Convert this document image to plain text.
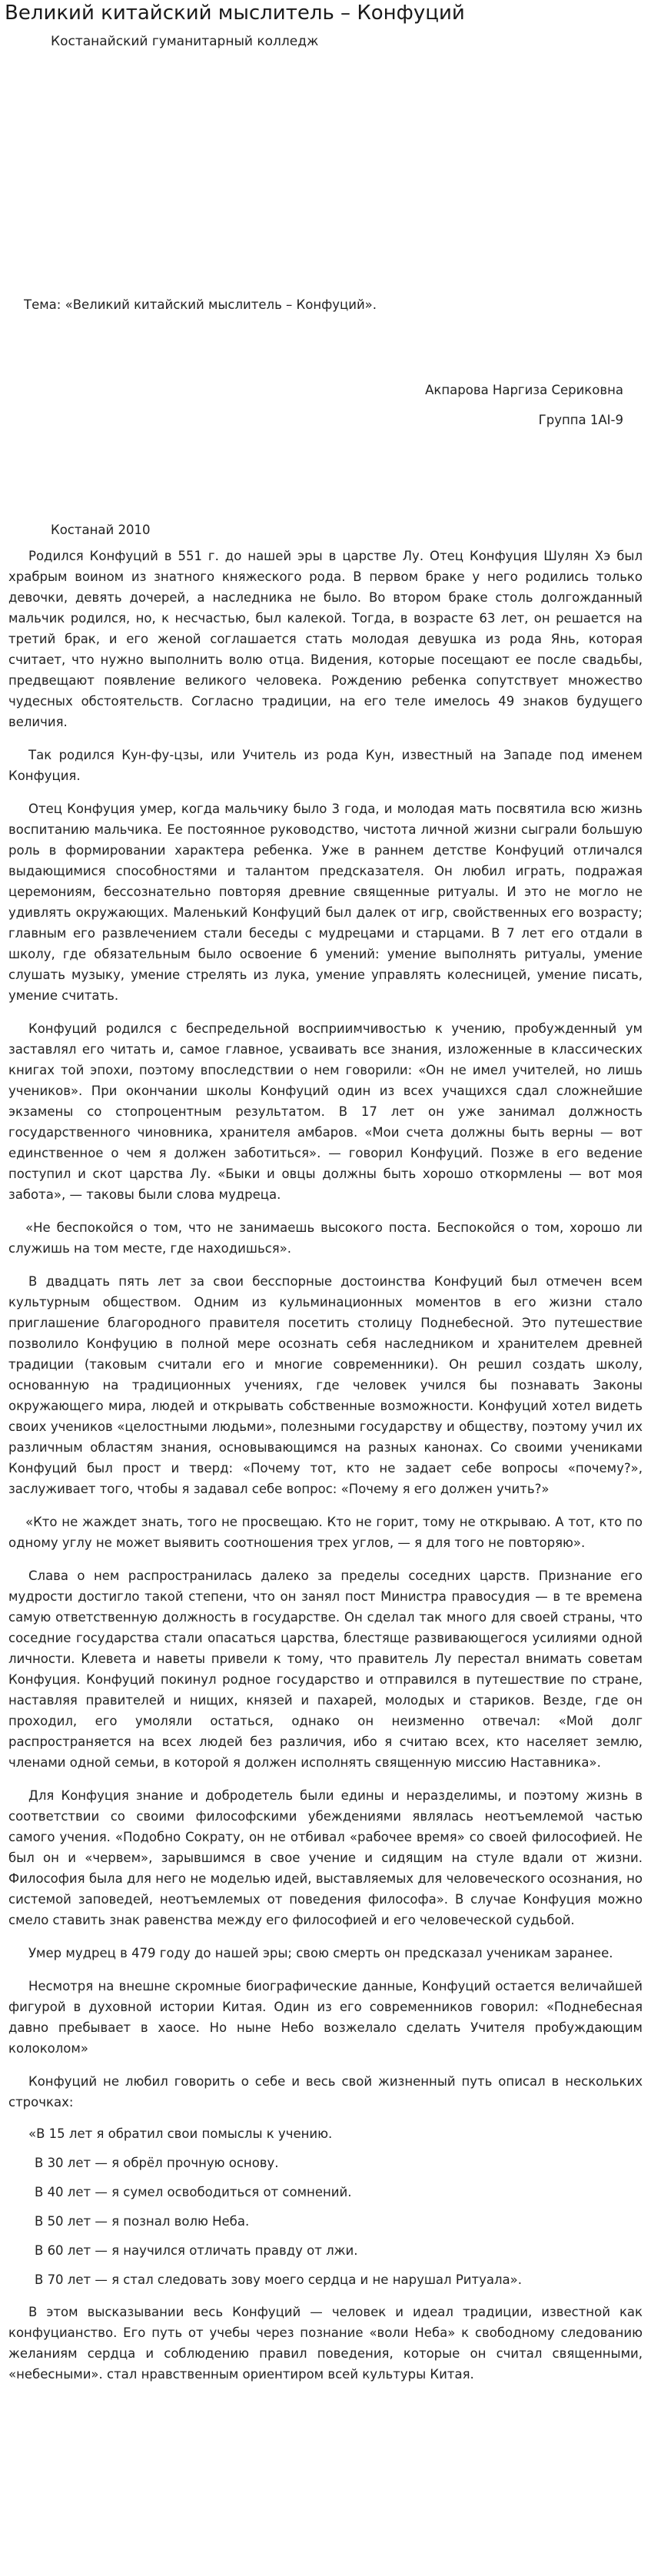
Великий китайский мыслитель – Конфуций
Костанайский гуманитарный колледж
Тема: «Великий китайский мыслитель – Конфуций».
Акпарова Наргиза Сериковна
Группа 1AI-9
Костанай 2010

Родился Конфуций в 551 г. до нашей эры в царстве Лу. Отец Конфуция Шулян Хэ был храбрым воином из знатного княжеского рода. В первом браке у него родились только девочки, девять дочерей, а наследника не было. Во втором браке столь долгожданный мальчик родился, но, к несчастью, был калекой. Тогда, в возрасте 63 лет, он решается на третий брак, и его женой соглашается стать молодая девушка из рода Янь, которая считает, что нужно выполнить волю отца. Видения, которые посещают ее после свадьбы, предвещают появление великого человека. Рождению ребенка сопутствует множество чудесных обстоятельств. Согласно традиции, на его теле имелось 49 знаков будущего величия.

Так родился Кун-фу-цзы, или Учитель из рода Кун, известный на Западе под именем Конфуция.

Отец Конфуция умер, когда мальчику было 3 года, и молодая мать посвятила всю жизнь воспитанию мальчика. Ее постоянное руководство, чистота личной жизни сыграли большую роль в формировании характера ребенка. Уже в раннем детстве Конфуций отличался выдающимися способностями и талантом предсказателя. Он любил играть, подражая церемониям, бессознательно повторяя древние священные ритуалы. И это не могло не удивлять окружающих. Маленький Конфуций был далек от игр, свойственных его возрасту; главным его развлечением стали беседы с мудрецами и старцами. В 7 лет его отдали в школу, где обязательным было освоение 6 умений: умение выполнять ритуалы, умение слушать музыку, умение стрелять из лука, умение управлять колесницей, умение писать, умение считать.

Конфуций родился с беспредельной восприимчивостью к учению, пробужденный ум заставлял его читать и, самое главное, усваивать все знания, изложенные в классических книгах той эпохи, поэтому впоследствии о нем говорили: «Он не имел учителей, но лишь учеников». При окончании школы Конфуций один из всех учащихся сдал сложнейшие экзамены со стопроцентным результатом. В 17 лет он уже занимал должность государственного чиновника, хранителя амбаров. «Мои счета должны быть верны — вот единственное о чем я должен заботиться». — говорил Конфуций. Позже в его ведение поступил и скот царства Лу. «Быки и овцы должны быть хорошо откормлены — вот моя забота», — таковы были слова мудреца.

«Не беспокойся о том, что не занимаешь высокого поста. Беспокойся о том, хорошо ли служишь на том месте, где находишься».

В двадцать пять лет за свои бесспорные достоинства Конфуций был отмечен всем культурным обществом. Одним из кульминационных моментов в его жизни стало приглашение благородного правителя посетить столицу Поднебесной. Это путешествие позволило Конфуцию в полной мере осознать себя наследником и хранителем древней традиции (таковым считали его и многие современники). Он решил создать школу, основанную на традиционных учениях, где человек учился бы познавать Законы окружающего мира, людей и открывать собственные возможности. Конфуций хотел видеть своих учеников «целостными людьми», полезными государству и обществу, поэтому учил их различным областям знания, основывающимся на разных канонах. Со своими учениками Конфуций был прост и тверд: «Почему тот, кто не задает себе вопросы «почему?», заслуживает того, чтобы я задавал себе вопрос: «Почему я его должен учить?»

«Кто не жаждет знать, того не просвещаю. Кто не горит, тому не открываю. А тот, кто по одному углу не может выявить соотношения трех углов, — я для того не повторяю».

Слава о нем распространилась далеко за пределы соседних царств. Признание его мудрости достигло такой степени, что он занял пост Министра правосудия — в те времена самую ответственную должность в государстве. Он сделал так много для своей страны, что соседние государства стали опасаться царства, блестяще развивающегося усилиями одной личности. Клевета и наветы привели к тому, что правитель Лу перестал внимать советам Конфуция. Конфуций покинул родное государство и отправился в путешествие по стране, наставляя правителей и нищих, князей и пахарей, молодых и стариков. Везде, где он проходил, его умоляли остаться, однако он неизменно отвечал: «Мой долг распространяется на всех людей без различия, ибо я считаю всех, кто населяет землю, членами одной семьи, в которой я должен исполнять священную миссию Наставника».

Для Конфуция знание и добродетель были едины и неразделимы, и поэтому жизнь в соответствии со своими философскими убеждениями являлась неотъемлемой частью самого учения. «Подобно Сократу, он не отбивал «рабочее время» со своей философией. Не был он и «червем», зарывшимся в свое учение и сидящим на стуле вдали от жизни. Философия была для него не моделью идей, выставляемых для человеческого осознания, но системой заповедей, неотъемлемых от поведения философа». В случае Конфуция можно смело ставить знак равенства между его философией и его человеческой судьбой.

Умер мудрец в 479 году до нашей эры; свою смерть он предсказал ученикам заранее.

Несмотря на внешне скромные биографические данные, Конфуций остается величайшей фигурой в духовной истории Китая. Один из его современников говорил: «Поднебесная давно пребывает в хаосе. Но ныне Небо возжелало сделать Учителя пробуждающим колоколом»

Конфуций не любил говорить о себе и весь свой жизненный путь описал в нескольких строчках:

«В 15 лет я обратил свои помыслы к учению.
В 30 лет — я обрёл прочную основу.
В 40 лет — я сумел освободиться от сомнений.
В 50 лет — я познал волю Неба.
В 60 лет — я научился отличать правду от лжи.
В 70 лет — я стал следовать зову моего сердца и не нарушал Ритуала».

В этом высказывании весь Конфуций — человек и идеал традиции, известной как конфуцианство. Его путь от учебы через познание «воли Неба» к свободному следованию желаниям сердца и соблюдению правил поведения, которые он считал священными, «небесными». стал нравственным ориентиром всей культуры Китая.
